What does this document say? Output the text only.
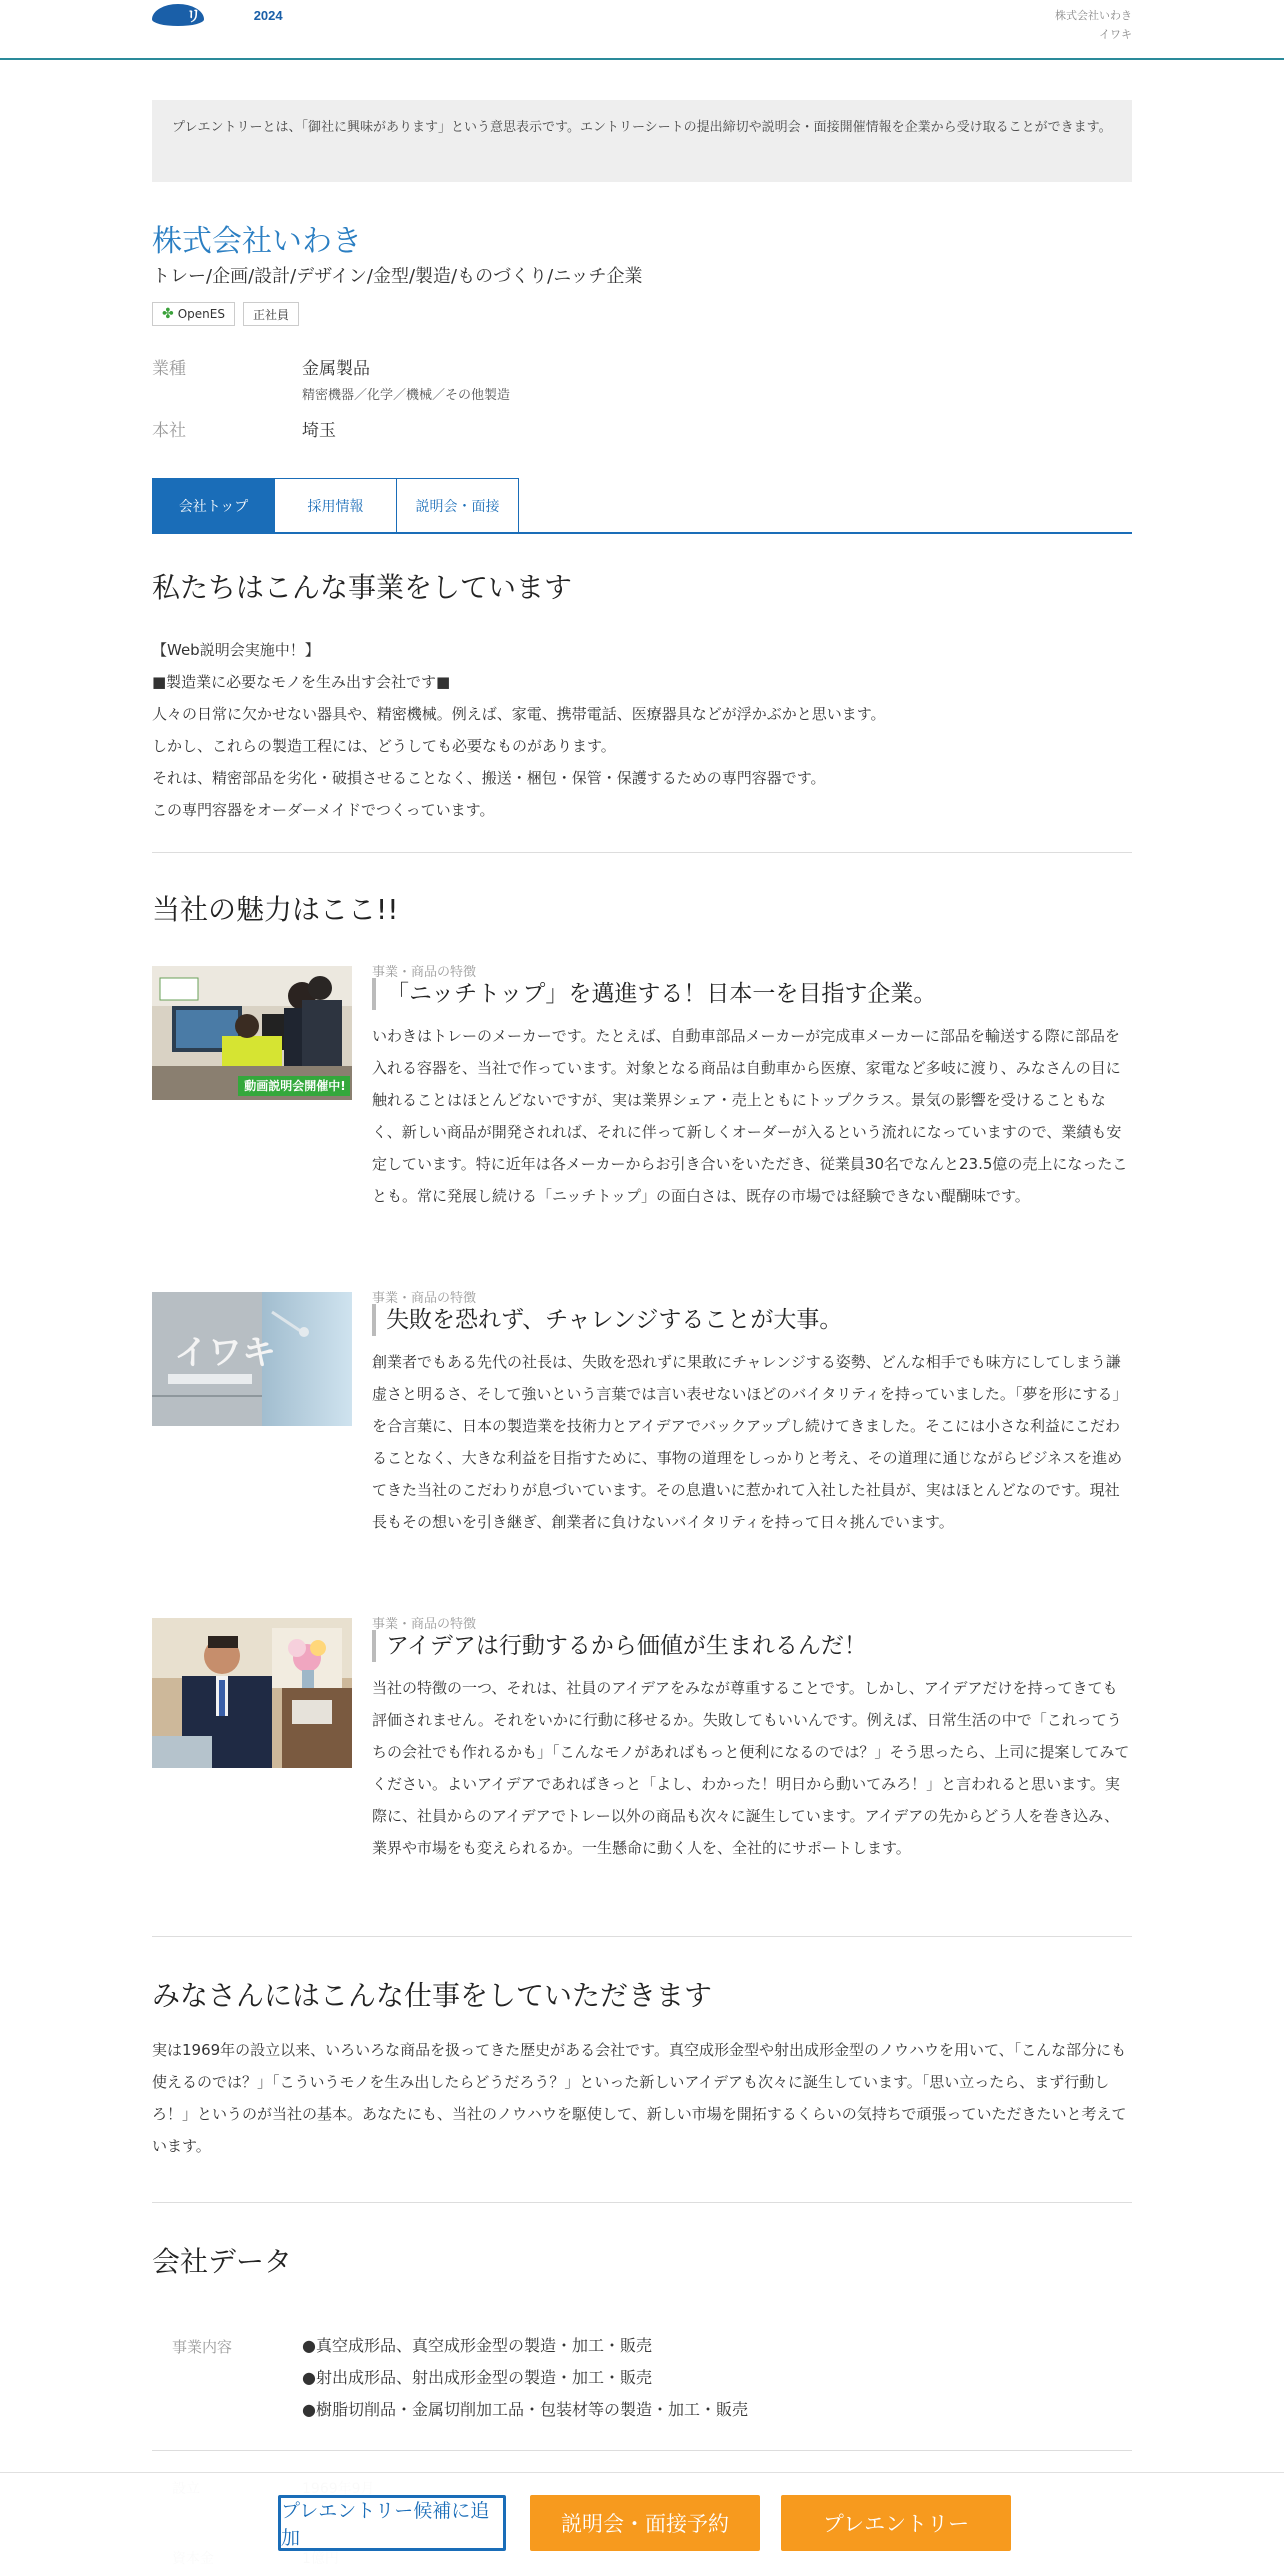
リクナビ 2024	株式会社いわき
イワキ
プレエントリーとは、「御社に興味があります」という意思表示です。エントリーシートの提出締切や説明会・面接開催情報を企業から受け取ることができます。
株式会社いわき
トレー/企画/設計/デザイン/金型/製造/ものづくり/ニッチ企業
✤ OpenES 正社員
業種	金属製品
精密機器／化学／機械／その他製造
本社	埼玉
会社トップ	採用情報	説明会・面接
私たちはこんな事業をしています
【Web説明会実施中！】
■製造業に必要なモノを生み出す会社です■
人々の日常に欠かせない器具や、精密機械。例えば、家電、携帯電話、医療器具などが浮かぶかと思います。
しかし、これらの製造工程には、どうしても必要なものがあります。
それは、精密部品を劣化・破損させることなく、搬送・梱包・保管・保護するための専門容器です。
この専門容器をオーダーメイドでつくっています。
当社の魅力はここ!!
事業・商品の特徴
「ニッチトップ」を邁進する！日本一を目指す企業。
いわきはトレーのメーカーです。たとえば、自動車部品メーカーが完成車メーカーに部品を輸送する際に部品を入れる容器を、当社で作っています。対象となる商品は自動車から医療、家電など多岐に渡り、みなさんの目に触れることはほとんどないですが、実は業界シェア・売上ともにトップクラス。景気の影響を受けることもなく、新しい商品が開発されれば、それに伴って新しくオーダーが入るという流れになっていますので、業績も安定しています。特に近年は各メーカーからお引き合いをいただき、従業員30名でなんと23.5億の売上になったことも。常に発展し続ける「ニッチトップ」の面白さは、既存の市場では経験できない醍醐味です。
動画説明会開催中!
イワキ
事業・商品の特徴
失敗を恐れず、チャレンジすることが大事。
創業者でもある先代の社長は、失敗を恐れずに果敢にチャレンジする姿勢、どんな相手でも味方にしてしまう謙虚さと明るさ、そして強いという言葉では言い表せないほどのバイタリティを持っていました。「夢を形にする」を合言葉に、日本の製造業を技術力とアイデアでバックアップし続けてきました。そこには小さな利益にこだわることなく、大きな利益を目指すために、事物の道理をしっかりと考え、その道理に通じながらビジネスを進めてきた当社のこだわりが息づいています。その息遣いに惹かれて入社した社員が、実はほとんどなのです。現社長もその想いを引き継ぎ、創業者に負けないバイタリティを持って日々挑んでいます。
事業・商品の特徴
アイデアは行動するから価値が生まれるんだ！
当社の特徴の一つ、それは、社員のアイデアをみなが尊重することです。しかし、アイデアだけを持ってきても評価されません。それをいかに行動に移せるか。失敗してもいいんです。例えば、日常生活の中で「これってうちの会社でも作れるかも」「こんなモノがあればもっと便利になるのでは？」そう思ったら、上司に提案してみてください。よいアイデアであればきっと「よし、わかった！明日から動いてみろ！」と言われると思います。実際に、社員からのアイデアでトレー以外の商品も次々に誕生しています。アイデアの先からどう人を巻き込み、業界や市場をも変えられるか。一生懸命に動く人を、全社的にサポートします。
みなさんにはこんな仕事をしていただきます
実は1969年の設立以来、いろいろな商品を扱ってきた歴史がある会社です。真空成形金型や射出成形金型のノウハウを用いて、「こんな部分にも使えるのでは？」「こういうモノを生み出したらどうだろう？」といった新しいアイデアも次々に誕生しています。「思い立ったら、まず行動しろ！」というのが当社の基本。あなたにも、当社のノウハウを駆使して、新しい市場を開拓するくらいの気持ちで頑張っていただきたいと考えています。
会社データ
事業内容	●真空成形品、真空成形金型の製造・加工・販売
●射出成形品、射出成形金型の製造・加工・販売
●樹脂切削品・金属切削加工品・包装材等の製造・加工・販売
プレエントリー候補に追加
説明会・面接予約	プレエントリー
